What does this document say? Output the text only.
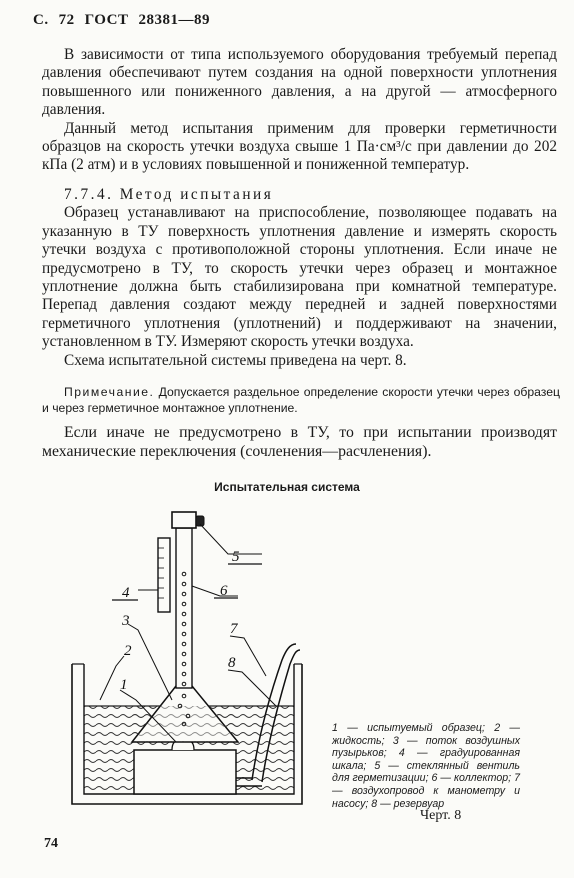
С. 72 ГОСТ 28381—89

В зависимости от типа используемого оборудования требуемый перепад давления обеспечивают путем создания на одной поверхности уплотнения повышенного или пониженного давления, а на другой — атмосферного давления.

Данный метод испытания применим для проверки герметичности образцов на скорость утечки воздуха свыше 1 Па·см³/с при давлении до 202 кПа (2 атм) и в условиях повышенной и пониженной температур.

7.7.4. Метод испытания

Образец устанавливают на приспособление, позволяющее подавать на указанную в ТУ поверхность уплотнения давление и измерять скорость утечки воздуха с противоположной стороны уплотнения. Если иначе не предусмотрено в ТУ, то скорость утечки через образец и монтажное уплотнение должна быть стабилизирована при комнатной температуре. Перепад давления создают между передней и задней поверхностями герметичного уплотнения (уплотнений) и поддерживают на значении, установленном в ТУ. Измеряют скорость утечки воздуха.

Схема испытательной системы приведена на черт. 8.

Примечание. Допускается раздельное определение скорости утечки через образец и через герметичное монтажное уплотнение.

Если иначе не предусмотрено в ТУ, то при испытании производят механические переключения (сочленения—расчленения).

Испытательная система
5
6
4
3
2
1
7
8
1 — испытуемый образец; 2 — жидкость; 3 — поток воздушных пузырьков; 4 — градуированная шкала; 5 — стеклянный вентиль для герметизации; 6 — коллектор; 7 — воздухопровод к манометру и насосу; 8 — резервуар
Черт. 8
74
